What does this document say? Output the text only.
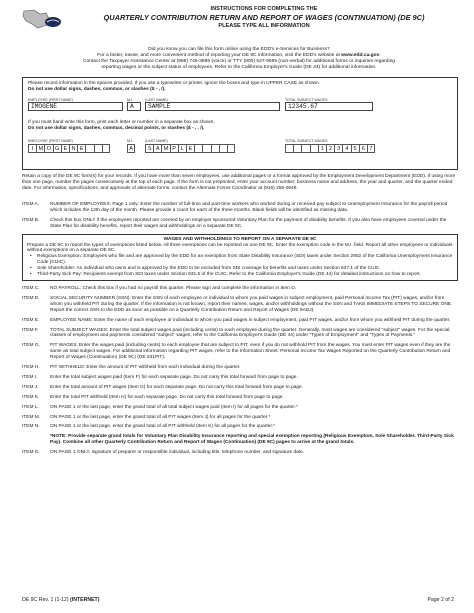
INSTRUCTIONS FOR COMPLETING THE
QUARTERLY CONTRIBUTION RETURN AND REPORT OF WAGES (CONTINUATION) (DE 9C)
PLEASE TYPE ALL INFORMATION
Did you know you can file this form online using the EDD's e-Services for Business?
For a faster, easier, and more convenient method of reporting your DE 9C information, visit the EDD's website at www.edd.ca.gov.
Contact the Taxpayer Assistance Center at (888) 745-3886 (voice) or TTY (800) 547-9565 (non-verbal) for additional forms or inquiries regarding
reporting wages or the subject status of employees. Refer to the California Employer's Guide (DE 44) for additional information.
Please record information in the spaces provided. If you use a typewriter or printer, ignore the boxes and type in UPPER CASE as shown.
Do not use dollar signs, dashes, commas, or slashes ($ - , /).
EMPLOYEE (FIRST NAME)	M.I.	(LAST NAME)	TOTAL SUBJECT WAGES
IMOGENE	A	SAMPLE	12345.67
If you must hand write this form, print each letter or number in a separate box as shown.
Do not use dollar signs, dashes, commas, decimal points, or slashes ($ - , . /).
EMPLOYEE (FIRST NAME)	M.I.	(LAST NAME)	TOTAL SUBJECT WAGES
I M O G E N E	A	S A M P L E	1 2 3 4 5 6 7
Retain a copy of the DE 9C form(s) for your records. If you have more than seven employees, use additional pages or a format approved by the Employment Development Department (EDD). If using more than one page, number the pages consecutively at the top of each page. If the form is not preprinted, enter your account number, business name and address, the year and quarter, and the quarter ended date. For information, specifications, and approvals of alternate forms, contact the Alternate Forms Coordinator at (916) 255-0649.
ITEM A.	NUMBER OF EMPLOYEES: Page 1 only: Enter the number of full-time and part-time workers who worked during or received pay subject to Unemployment Insurance for the payroll period which includes the 12th day of the month. Please provide a count for each of the three months. Blank fields will be identified as missing data.
ITEM B.	Check this box ONLY if the employees reported are covered by an employer sponsored Voluntary Plan for the payment of disability benefits. If you also have employees covered under the State Plan for disability benefits, report their wages and withholdings on a separate DE 9C.
WAGES AND WITHHOLDINGS TO REPORT ON A SEPARATE DE 9C
Prepare a DE 9C to report the types of exemptions listed below. All three exemptions can be reported on one DE 9C. Enter the exemption code in the M.I. field. Report all other employees or individuals without exemptions on a separate DE 9C.
• Religious Exemption: Employees who file and are approved by the EDD for an exemption from State Disability Insurance (SDI) taxes under Section 2902 of the California Unemployment Insurance Code (CUIC).
• Sole Shareholder: An individual who owns and is approved by the EDD to be excluded from SDI coverage for benefits and taxes under Section 637.1 of the CUIC.
• Third-Party Sick Pay: Recipients exempt from SDI taxes under Section 931.5 of the CUIC. Refer to the California Employer's Guide (DE 44) for detailed instructions on how to report.
ITEM C.	NO PAYROLL: Check this box if you had no payroll this quarter. Please sign and complete the information in Item O.
ITEM D.	SOCIAL SECURITY NUMBER (SSN): Enter the SSN of each employee or individual to whom you paid wages in subject employment, paid Personal Income Tax (PIT) wages, and/or from whom you withheld PIT during the quarter. If the information is not known, report their names, wages, and/or withholdings without the SSN and TAKE IMMEDIATE STEPS TO SECURE ONE. Report the correct SSN to the EDD as soon as possible on a Quarterly Contribution Return and Report of Wages (DE 9ADJ).
ITEM E.	EMPLOYEE NAME: Enter the name of each employee or individual to whom you paid wages in subject employment, paid PIT wages, and/or from whom you withheld PIT during the quarter.
ITEM F.	TOTAL SUBJECT WAGES: Enter the total subject wages paid (including cents) to each employee during the quarter. Generally, most wages are considered "subject" wages. For the special classes of employment and payments considered "subject" wages, refer to the California Employer's Guide (DE 44) under "Types of Employment" and "Types of Payments."
ITEM G.	PIT WAGES: Enter the wages paid (including cents) to each employee that are subject to PIT, even if you do not withhold PIT from the wages. You must enter PIT wages even if they are the same as total subject wages. For additional information regarding PIT wages, refer to the Information Sheet: Personal Income Tax Wages Reported on the Quarterly Contribution Return and Report of Wages (Continuation) (DE 9C) (DE 231PIT).
ITEM H.	PIT WITHHELD: Enter the amount of PIT withheld from each individual during the quarter.
ITEM I.	Enter the total subject wages paid (Item F) for each separate page. Do not carry this total forward from page to page.
ITEM J.	Enter the total amount of PIT wages (Item G) for each separate page. Do not carry this total forward from page to page.
ITEM K.	Enter the total PIT withheld (Item H) for each separate page. Do not carry this total forward from page to page.
ITEM L.	ON PAGE 1 or the last page, enter the grand total of all total subject wages paid (Item I) for all pages for the quarter.*
ITEM M.	ON PAGE 1 or the last page, enter the grand total of all PIT wages (Item J) for all pages for the quarter.*
ITEM N.	ON PAGE 1 or the last page, enter the grand total of all PIT withheld (Item K) for all pages for the quarter.*
*NOTE: Provide separate grand totals for Voluntary Plan Disability Insurance reporting and special exemption reporting (Religious Exemption, Sole Shareholder, Third-Party Sick Pay). Combine all other Quarterly Contribution Return and Report of Wages (Continuation) (DE 9C) pages to arrive at the grand totals.
ITEM O.	ON PAGE 1 ONLY, signature of preparer or responsible individual, including title, telephone number, and signature date.
DE 9C Rev. 1 (1-12) (INTERNET)	Page 2 of 2
